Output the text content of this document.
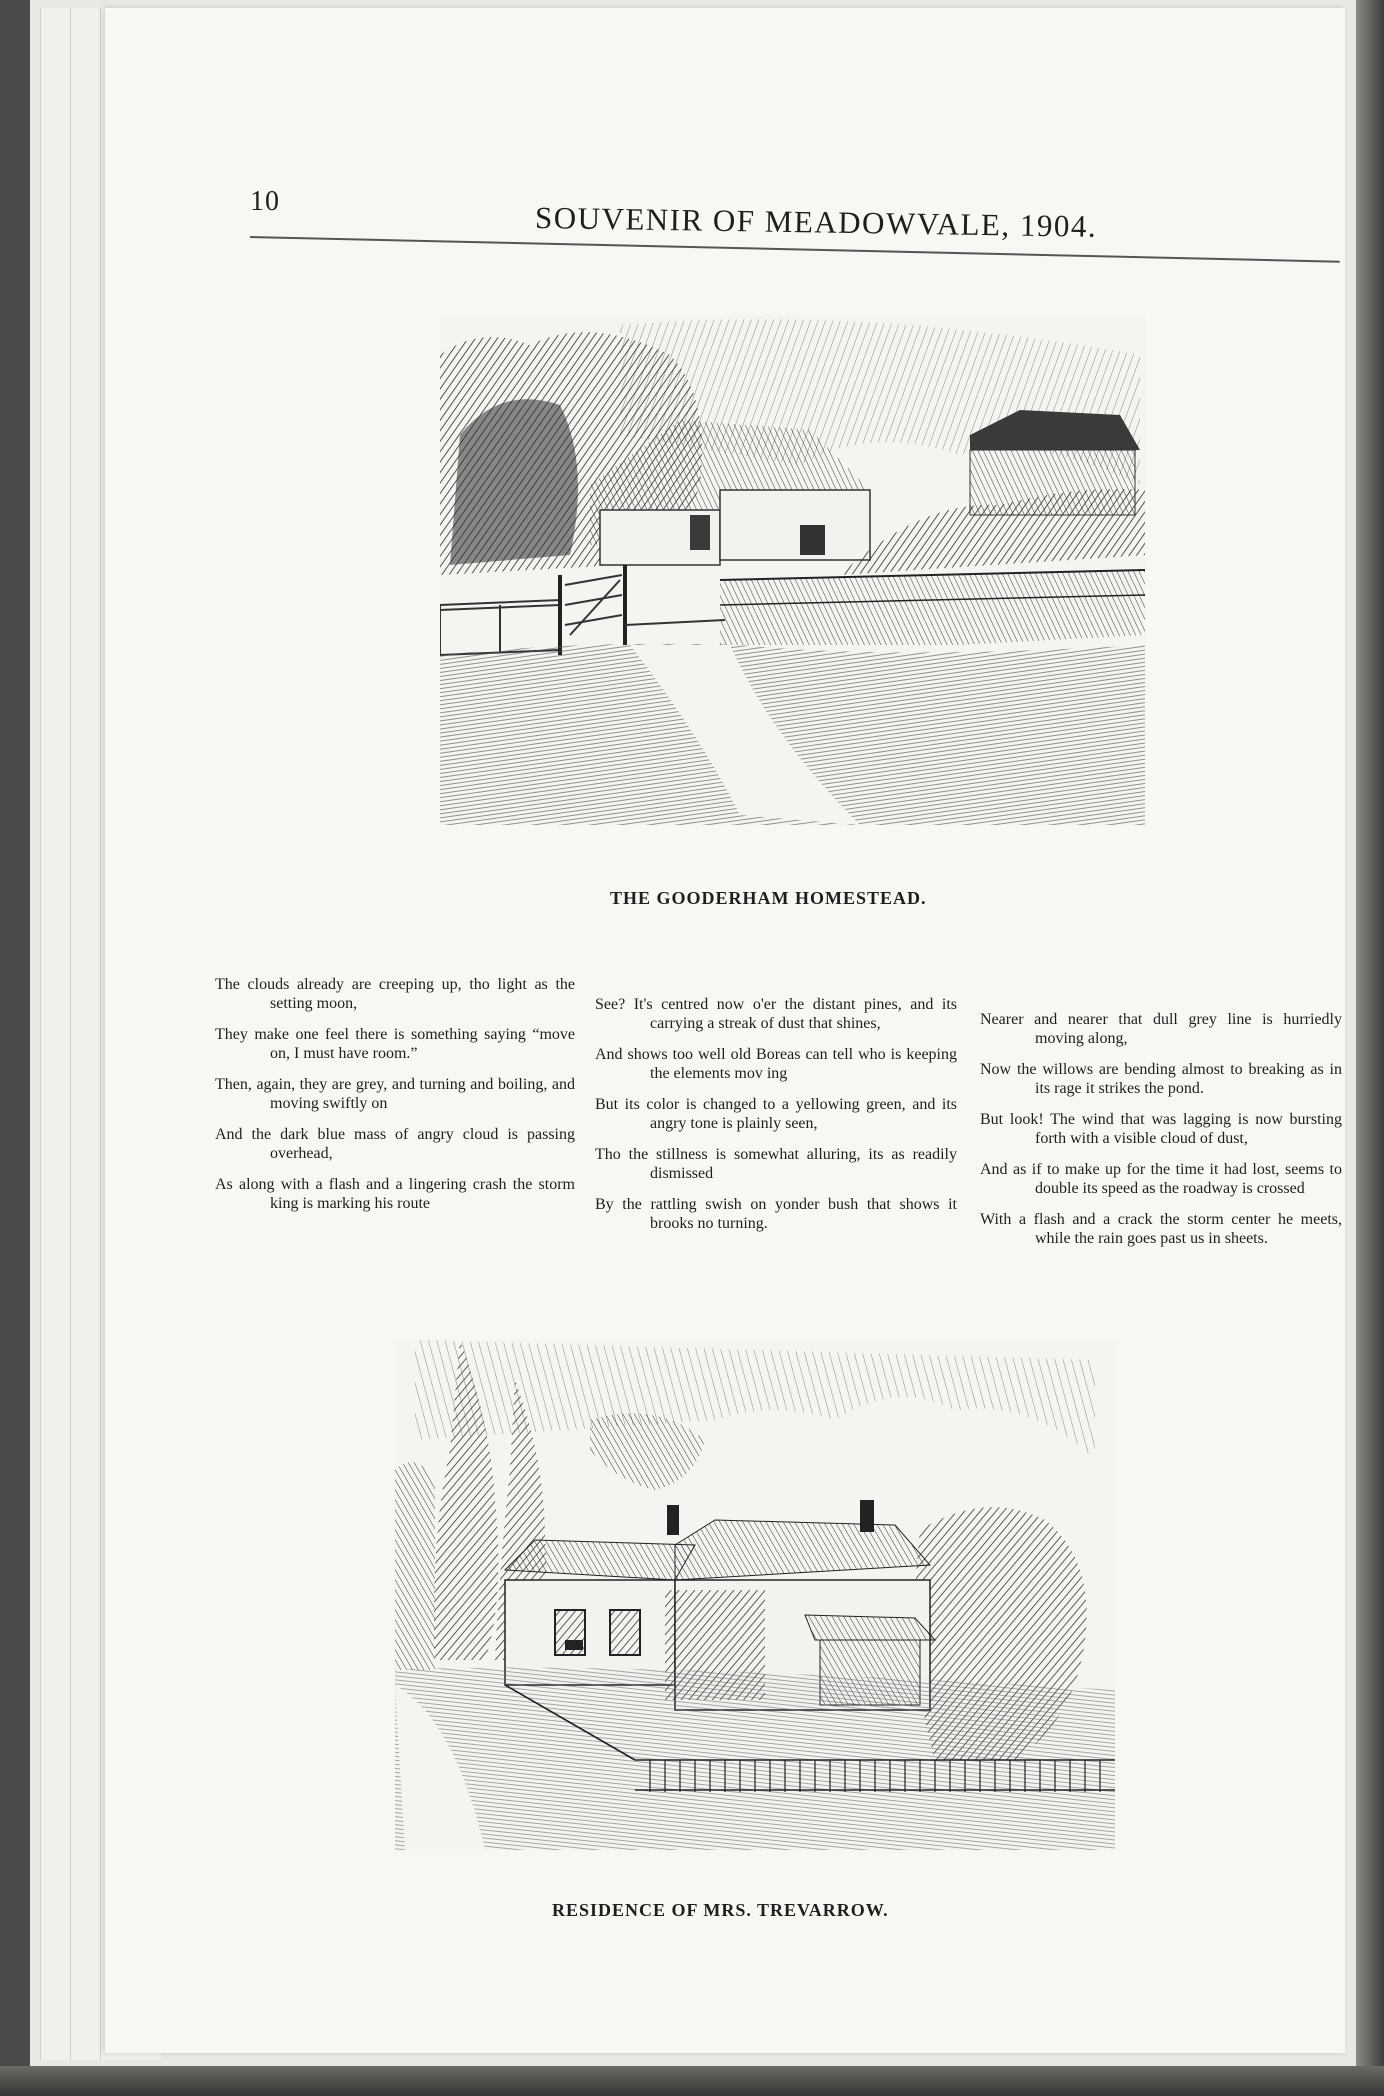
10	SOUVENIR OF MEADOWVALE, 1904.
THE GOODERHAM HOMESTEAD.

The clouds already are creeping up, tho light as the setting moon,

They make one feel there is something saying “move on, I must have room.”

Then, again, they are grey, and turning and boiling, and moving swiftly on

And the dark blue mass of angry cloud is passing overhead,

As along with a flash and a lingering crash the storm king is marking his route

See? It's centred now o'er the distant pines, and its carrying a streak of dust that shines,

And shows too well old Boreas can tell who is keeping the elements mov ing

But its color is changed to a yellowing green, and its angry tone is plainly seen,

Tho the stillness is somewhat alluring, its as readily dismissed

By the rattling swish on yonder bush that shows it brooks no turning.

Nearer and nearer that dull grey line is hurriedly moving along,

Now the willows are bending almost to breaking as in its rage it strikes the pond.

But look! The wind that was lagging is now bursting forth with a visible cloud of dust,

And as if to make up for the time it had lost, seems to double its speed as the roadway is crossed

With a flash and a crack the storm center he meets, while the rain goes past us in sheets.

RESIDENCE OF MRS. TREVARROW.
